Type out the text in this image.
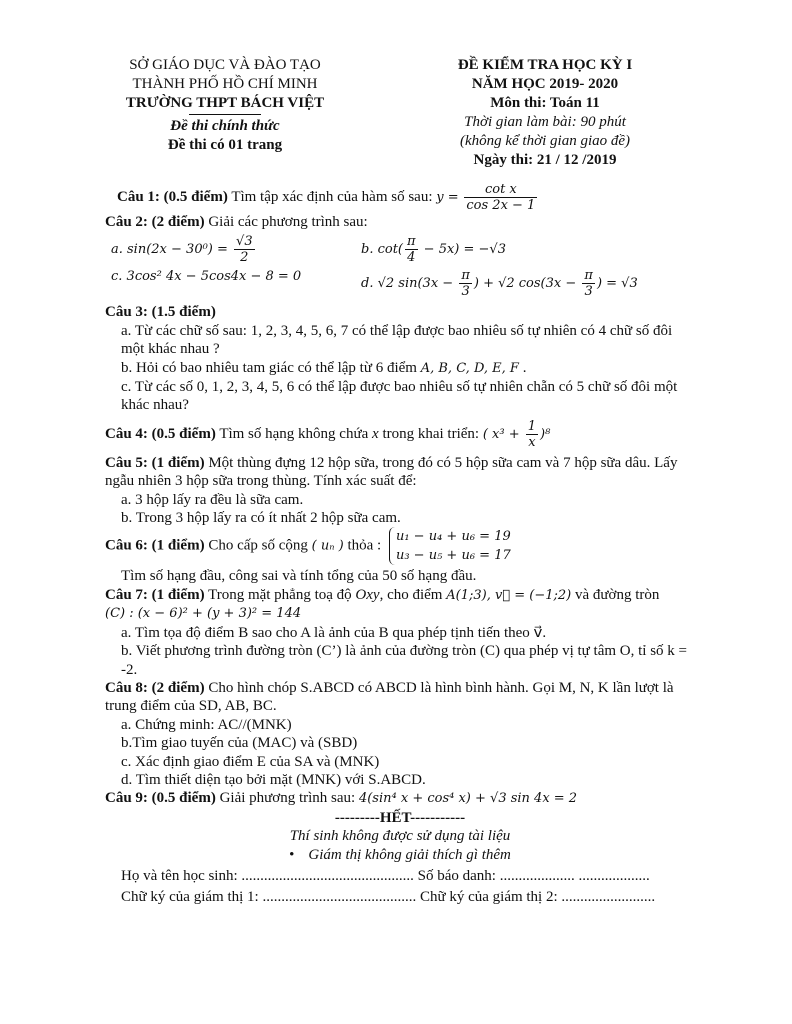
SỞ GIÁO DỤC VÀ ĐÀO TẠO
THÀNH PHỐ HỒ CHÍ MINH
TRƯỜNG THPT BÁCH VIỆT
Đề thi chính thức
Đề thi có 01 trang
ĐỀ KIỂM TRA HỌC KỲ I
NĂM HỌC 2019- 2020
Môn thi: Toán 11
Thời gian làm bài: 90 phút
(không kể thời gian giao đề)
Ngày thi: 21 / 12 /2019

Câu 1: (0.5 điểm) Tìm tập xác định của hàm số sau: $y = \frac{\text{cot x}}{\cos 2x - 1}$

Câu 2: (2 điểm) Giải các phương trình sau:

a. $\sin(2x - 30^0) = \frac{√3}{2}$	b. $\cot( \frac{\pi}{4} - 5x) = -√3$

c. 3cos² 4x − 5cos4x − 8 = 0	d. √2 $\sin(3x - \frac{\pi}{3}$ ) + √2 $\cos(3x - \frac{\pi}{3}$ ) = √3

Câu 3: (1.5 điểm)

a. Từ các chữ số sau: 1, 2, 3, 4, 5, 6, 7 có thể lập được bao nhiêu số tự nhiên có 4 chữ số đôi một khác nhau ?

b. Hỏi có bao nhiêu tam giác có thể lập từ 6 điểm A, B, C, D, E, F .

c. Từ các số 0, 1, 2, 3, 4, 5, 6 có thể lập được bao nhiêu số tự nhiên chẵn có 5 chữ số đôi một khác nhau?

Câu 4: (0.5 điểm) Tìm số hạng không chứa x trong khai triển: ( $x^3 + \frac{1}{x} )^8$

Câu 5: (1 điểm) Một thùng đựng 12 hộp sữa, trong đó có 5 hộp sữa cam và 7 hộp sữa dâu. Lấy ngẫu nhiên 3 hộp sữa trong thùng. Tính xác suất để:

a. 3 hộp lấy ra đều là sữa cam.

b. Trong 3 hộp lấy ra có ít nhất 2 hộp sữa cam.

Câu 6: (1 điểm) Cho cấp số cộng ( uₙ ) thỏa : u₁ − u₄ + u₆ = 19
u₃ − u₅ + u₆ = 17

Tìm số hạng đầu, công sai và tính tổng của 50 số hạng đầu.

Câu 7: (1 điểm) Trong mặt phẳng toạ độ Oxy, cho điểm A(1;3), v⃗ = (−1;2) và đường tròn

(C) : (x − 6)² + (y + 3)² = 144

a. Tìm tọa độ điểm B sao cho A là ảnh của B qua phép tịnh tiến theo v⃗.

b. Viết phương trình đường tròn (C’) là ảnh của đường tròn (C) qua phép vị tự tâm O, tỉ số k = -2.

Câu 8: (2 điểm) Cho hình chóp S.ABCD có ABCD là hình bình hành. Gọi M, N, K lần lượt là trung điểm của SD, AB, BC.

a. Chứng minh: AC//(MNK)

b.Tìm giao tuyến của (MAC) và (SBD)

c. Xác định giao điểm E của SA và (MNK)

d. Tìm thiết diện tạo bởi mặt (MNK) với S.ABCD.

Câu 9: (0.5 điểm) Giải phương trình sau: 4(sin⁴ x + cos⁴ x) + √3 sin 4x = 2

---------HẾT-----------

Thí sinh không được sử dụng tài liệu

• Giám thị không giải thích gì thêm

Họ và tên học sinh: .............................................. Số báo danh: .................... ...................

Chữ ký của giám thị 1: ......................................... Chữ ký của giám thị 2: .........................
